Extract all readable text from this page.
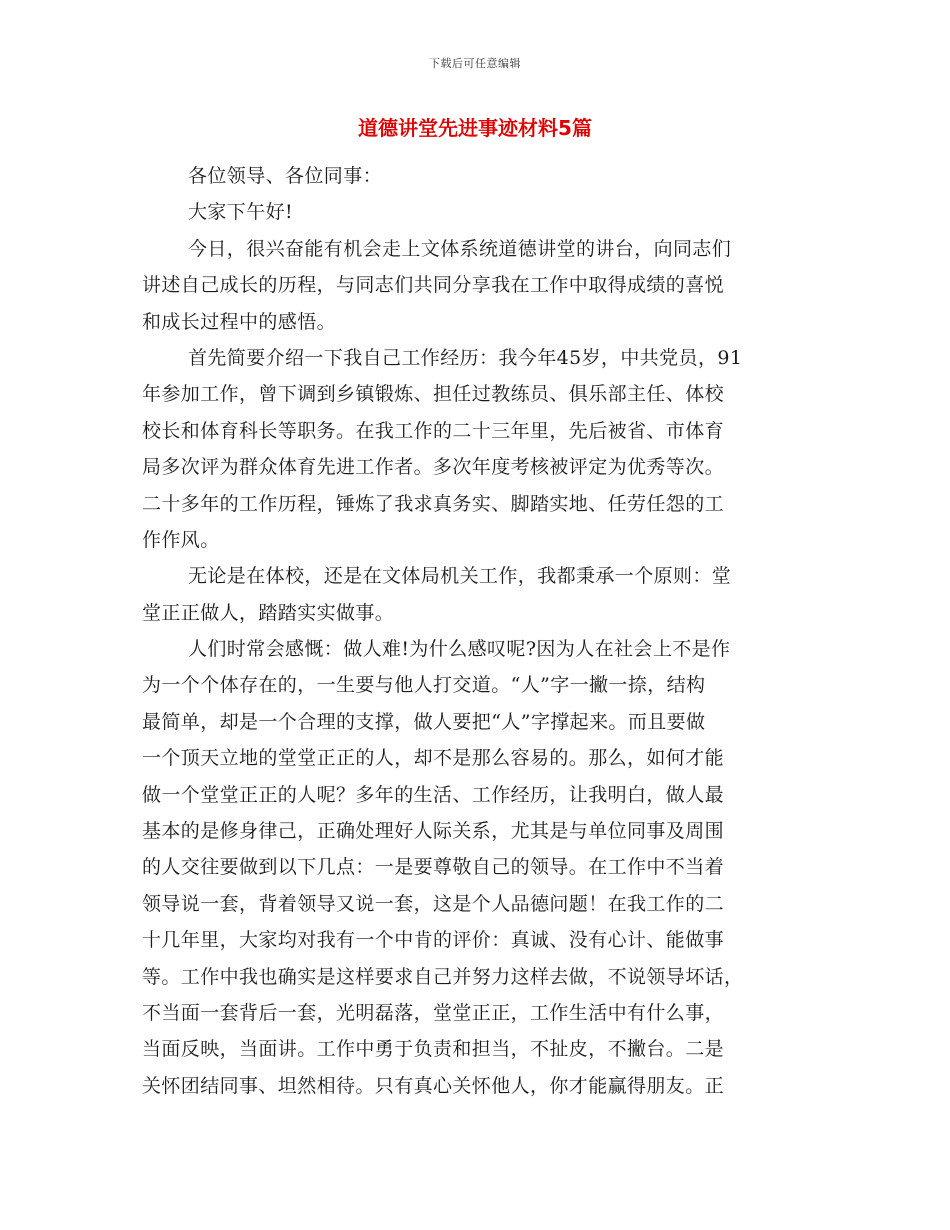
下载后可任意编辑
道德讲堂先进事迹材料5篇
各位领导、各位同事：
大家下午好!
今日，很兴奋能有机会走上文体系统道德讲堂的讲台，向同志们
讲述自己成长的历程，与同志们共同分享我在工作中取得成绩的喜悦
和成长过程中的感悟。
首先简要介绍一下我自己工作经历：我今年45岁，中共党员，91
年参加工作，曾下调到乡镇锻炼、担任过教练员、俱乐部主任、体校
校长和体育科长等职务。在我工作的二十三年里，先后被省、市体育
局多次评为群众体育先进工作者。多次年度考核被评定为优秀等次。
二十多年的工作历程，锤炼了我求真务实、脚踏实地、任劳任怨的工
作作风。
无论是在体校，还是在文体局机关工作，我都秉承一个原则：堂
堂正正做人，踏踏实实做事。
人们时常会感慨：做人难!为什么感叹呢?因为人在社会上不是作
为一个个体存在的，一生要与他人打交道。“人”字一撇一捺，结构
最简单，却是一个合理的支撑，做人要把“人”字撑起来。而且要做
一个顶天立地的堂堂正正的人，却不是那么容易的。那么，如何才能
做一个堂堂正正的人呢？多年的生活、工作经历，让我明白，做人最
基本的是修身律己，正确处理好人际关系，尤其是与单位同事及周围
的人交往要做到以下几点：一是要尊敬自己的领导。在工作中不当着
领导说一套，背着领导又说一套，这是个人品德问题！在我工作的二
十几年里，大家均对我有一个中肯的评价：真诚、没有心计、能做事
等。工作中我也确实是这样要求自己并努力这样去做，不说领导坏话，
不当面一套背后一套，光明磊落，堂堂正正，工作生活中有什么事，
当面反映，当面讲。工作中勇于负责和担当，不扯皮，不撇台。二是
关怀团结同事、坦然相待。只有真心关怀他人，你才能赢得朋友。正
